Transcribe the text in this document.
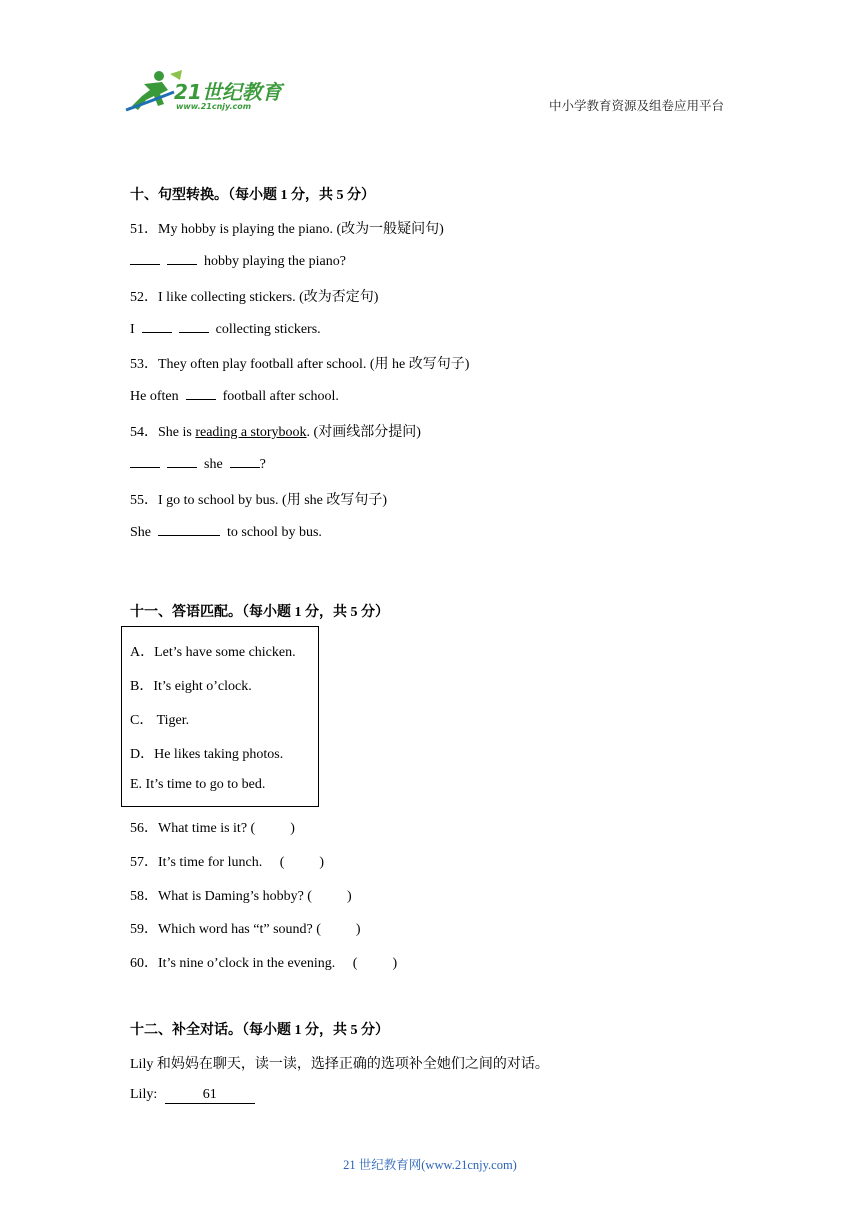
21世纪教育
www.21cnjy.com	中小学教育资源及组卷应用平台
十、句型转换。（每小题 1 分，共 5 分）
51．My hobby is playing the piano. (改为一般疑问句)
hobby playing the piano?
52．I like collecting stickers. (改为否定句)
I	collecting stickers.
53．They often play football after school. (用 he 改写句子)
He often	football after school.
54．She is reading a storybook. (对画线部分提问)
she	?
55．I go to school by bus. (用 she 改写句子)
She	to school by bus.
十一、答语匹配。（每小题 1 分，共 5 分）
A．Let’s have some chicken.
B．It’s eight o’clock.
C． Tiger.
D．He likes taking photos.
E. It’s time to go to bed.
56．What time is it? (          )
57．It’s time for lunch.     (          )
58．What is Daming’s hobby? (          )
59．Which word has “t” sound? (          )
60．It’s nine o’clock in the evening.     (          )
十二、补全对话。（每小题 1 分，共 5 分）
Lily 和妈妈在聊天，读一读，选择正确的选项补全她们之间的对话。
Lily:	61
21 世纪教育网(www.21cnjy.com)
